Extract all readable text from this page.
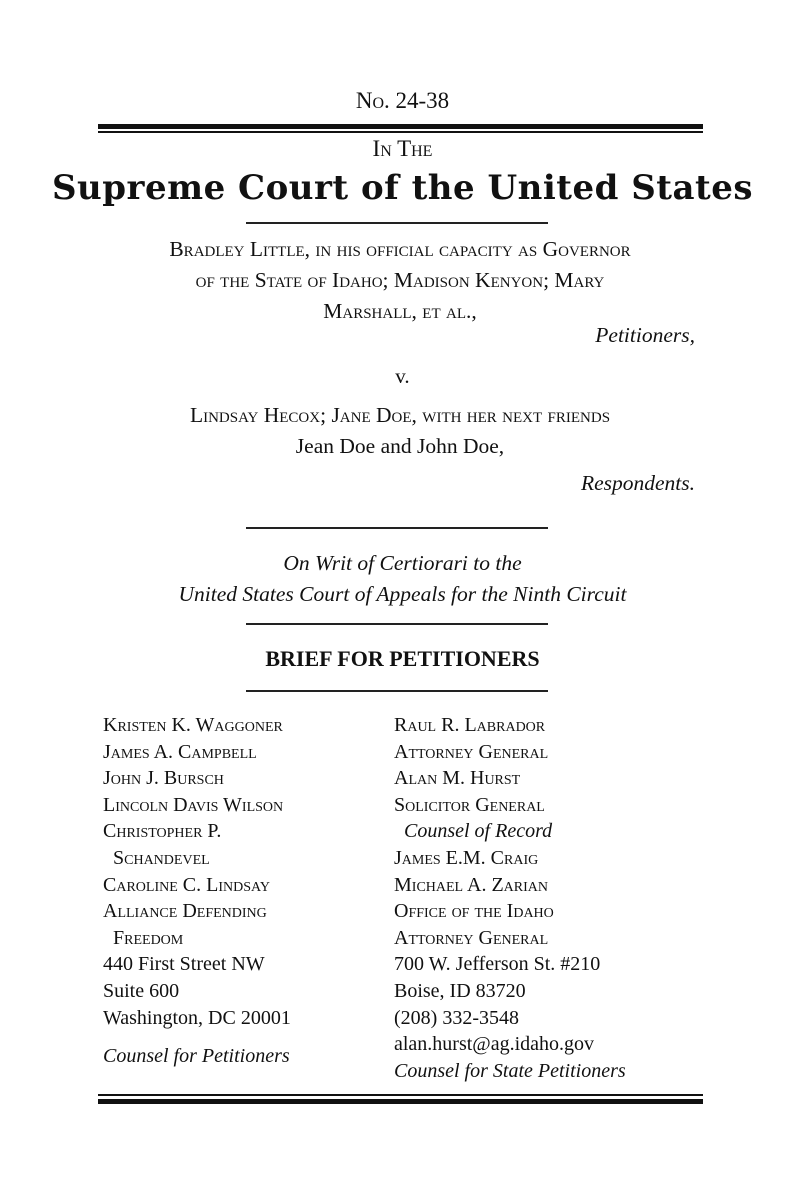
No. 24-38
In The
Supreme Court of the United States
Bradley Little, in his official capacity as Governor
of the State of Idaho; Madison Kenyon; Mary
Marshall, et al.,
Petitioners,
v.
Lindsay Hecox; Jane Doe, with her next friends
Jean Doe and John Doe,
Respondents.
On Writ of Certiorari to the
United States Court of Appeals for the Ninth Circuit
BRIEF FOR PETITIONERS
Kristen K. Waggoner
James A. Campbell
John J. Bursch
Lincoln Davis Wilson
Christopher P.
Schandevel
Caroline C. Lindsay
Alliance Defending
Freedom
440 First Street NW
Suite 600
Washington, DC 20001
Counsel for Petitioners
Raul R. Labrador
Attorney General
Alan M. Hurst
Solicitor General
Counsel of Record
James E.M. Craig
Michael A. Zarian
Office of the Idaho
Attorney General
700 W. Jefferson St. #210
Boise, ID 83720
(208) 332-3548
alan.hurst@ag.idaho.gov
Counsel for State Petitioners
